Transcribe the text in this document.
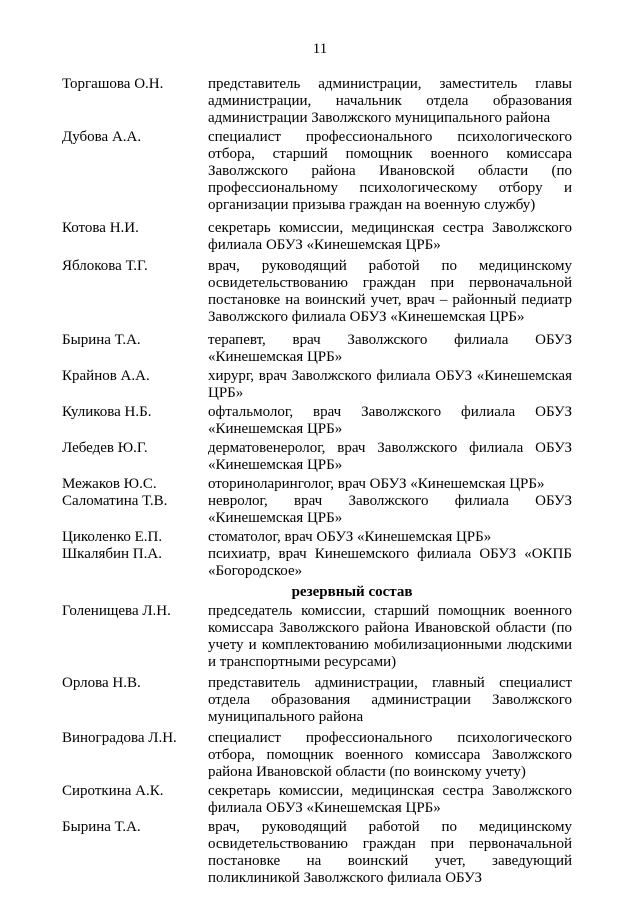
11
Торгашова О.Н.	представитель администрации, заместитель главы администрации, начальник отдела образования администрации Заволжского муниципального района
Дубова А.А.	специалист профессионального психологического отбора, старший помощник военного комиссара Заволжского района Ивановской области (по профессиональному психологическому отбору и организации призыва граждан на военную службу)
Котова Н.И.	секретарь комиссии, медицинская сестра Заволжского филиала ОБУЗ «Кинешемская ЦРБ»
Яблокова Т.Г.	врач, руководящий работой по медицинскому освидетельствованию граждан при первоначальной постановке на воинский учет, врач – районный педиатр Заволжского филиала ОБУЗ «Кинешемская ЦРБ»
Бырина Т.А.	терапевт, врач Заволжского филиала ОБУЗ «Кинешемская ЦРБ»
Крайнов А.А.	хирург, врач Заволжского филиала ОБУЗ «Кинешемская ЦРБ»
Куликова Н.Б.	офтальмолог, врач Заволжского филиала ОБУЗ «Кинешемская ЦРБ»
Лебедев Ю.Г.	дерматовенеролог, врач Заволжского филиала ОБУЗ «Кинешемская ЦРБ»
Межаков Ю.С.	оториноларинголог, врач ОБУЗ «Кинешемская ЦРБ»
Саломатина Т.В.	невролог, врач Заволжского филиала ОБУЗ «Кинешемская ЦРБ»
Циколенко Е.П.	стоматолог, врач ОБУЗ «Кинешемская ЦРБ»
Шкалябин П.А.	психиатр, врач Кинешемского филиала ОБУЗ «ОКПБ «Богородское»
резервный состав
Голенищева Л.Н.	председатель комиссии, старший помощник военного комиссара Заволжского района Ивановской области (по учету и комплектованию мобилизационными людскими и транспортными ресурсами)
Орлова Н.В.	представитель администрации, главный специалист отдела образования администрации Заволжского муниципального района
Виноградова Л.Н.	специалист профессионального психологического отбора, помощник военного комиссара Заволжского района Ивановской области (по воинскому учету)
Сироткина А.К.	секретарь комиссии, медицинская сестра Заволжского филиала ОБУЗ «Кинешемская ЦРБ»
Бырина Т.А.	врач, руководящий работой по медицинскому освидетельствованию граждан при первоначальной постановке на воинский учет, заведующий поликлиникой Заволжского филиала ОБУЗ
